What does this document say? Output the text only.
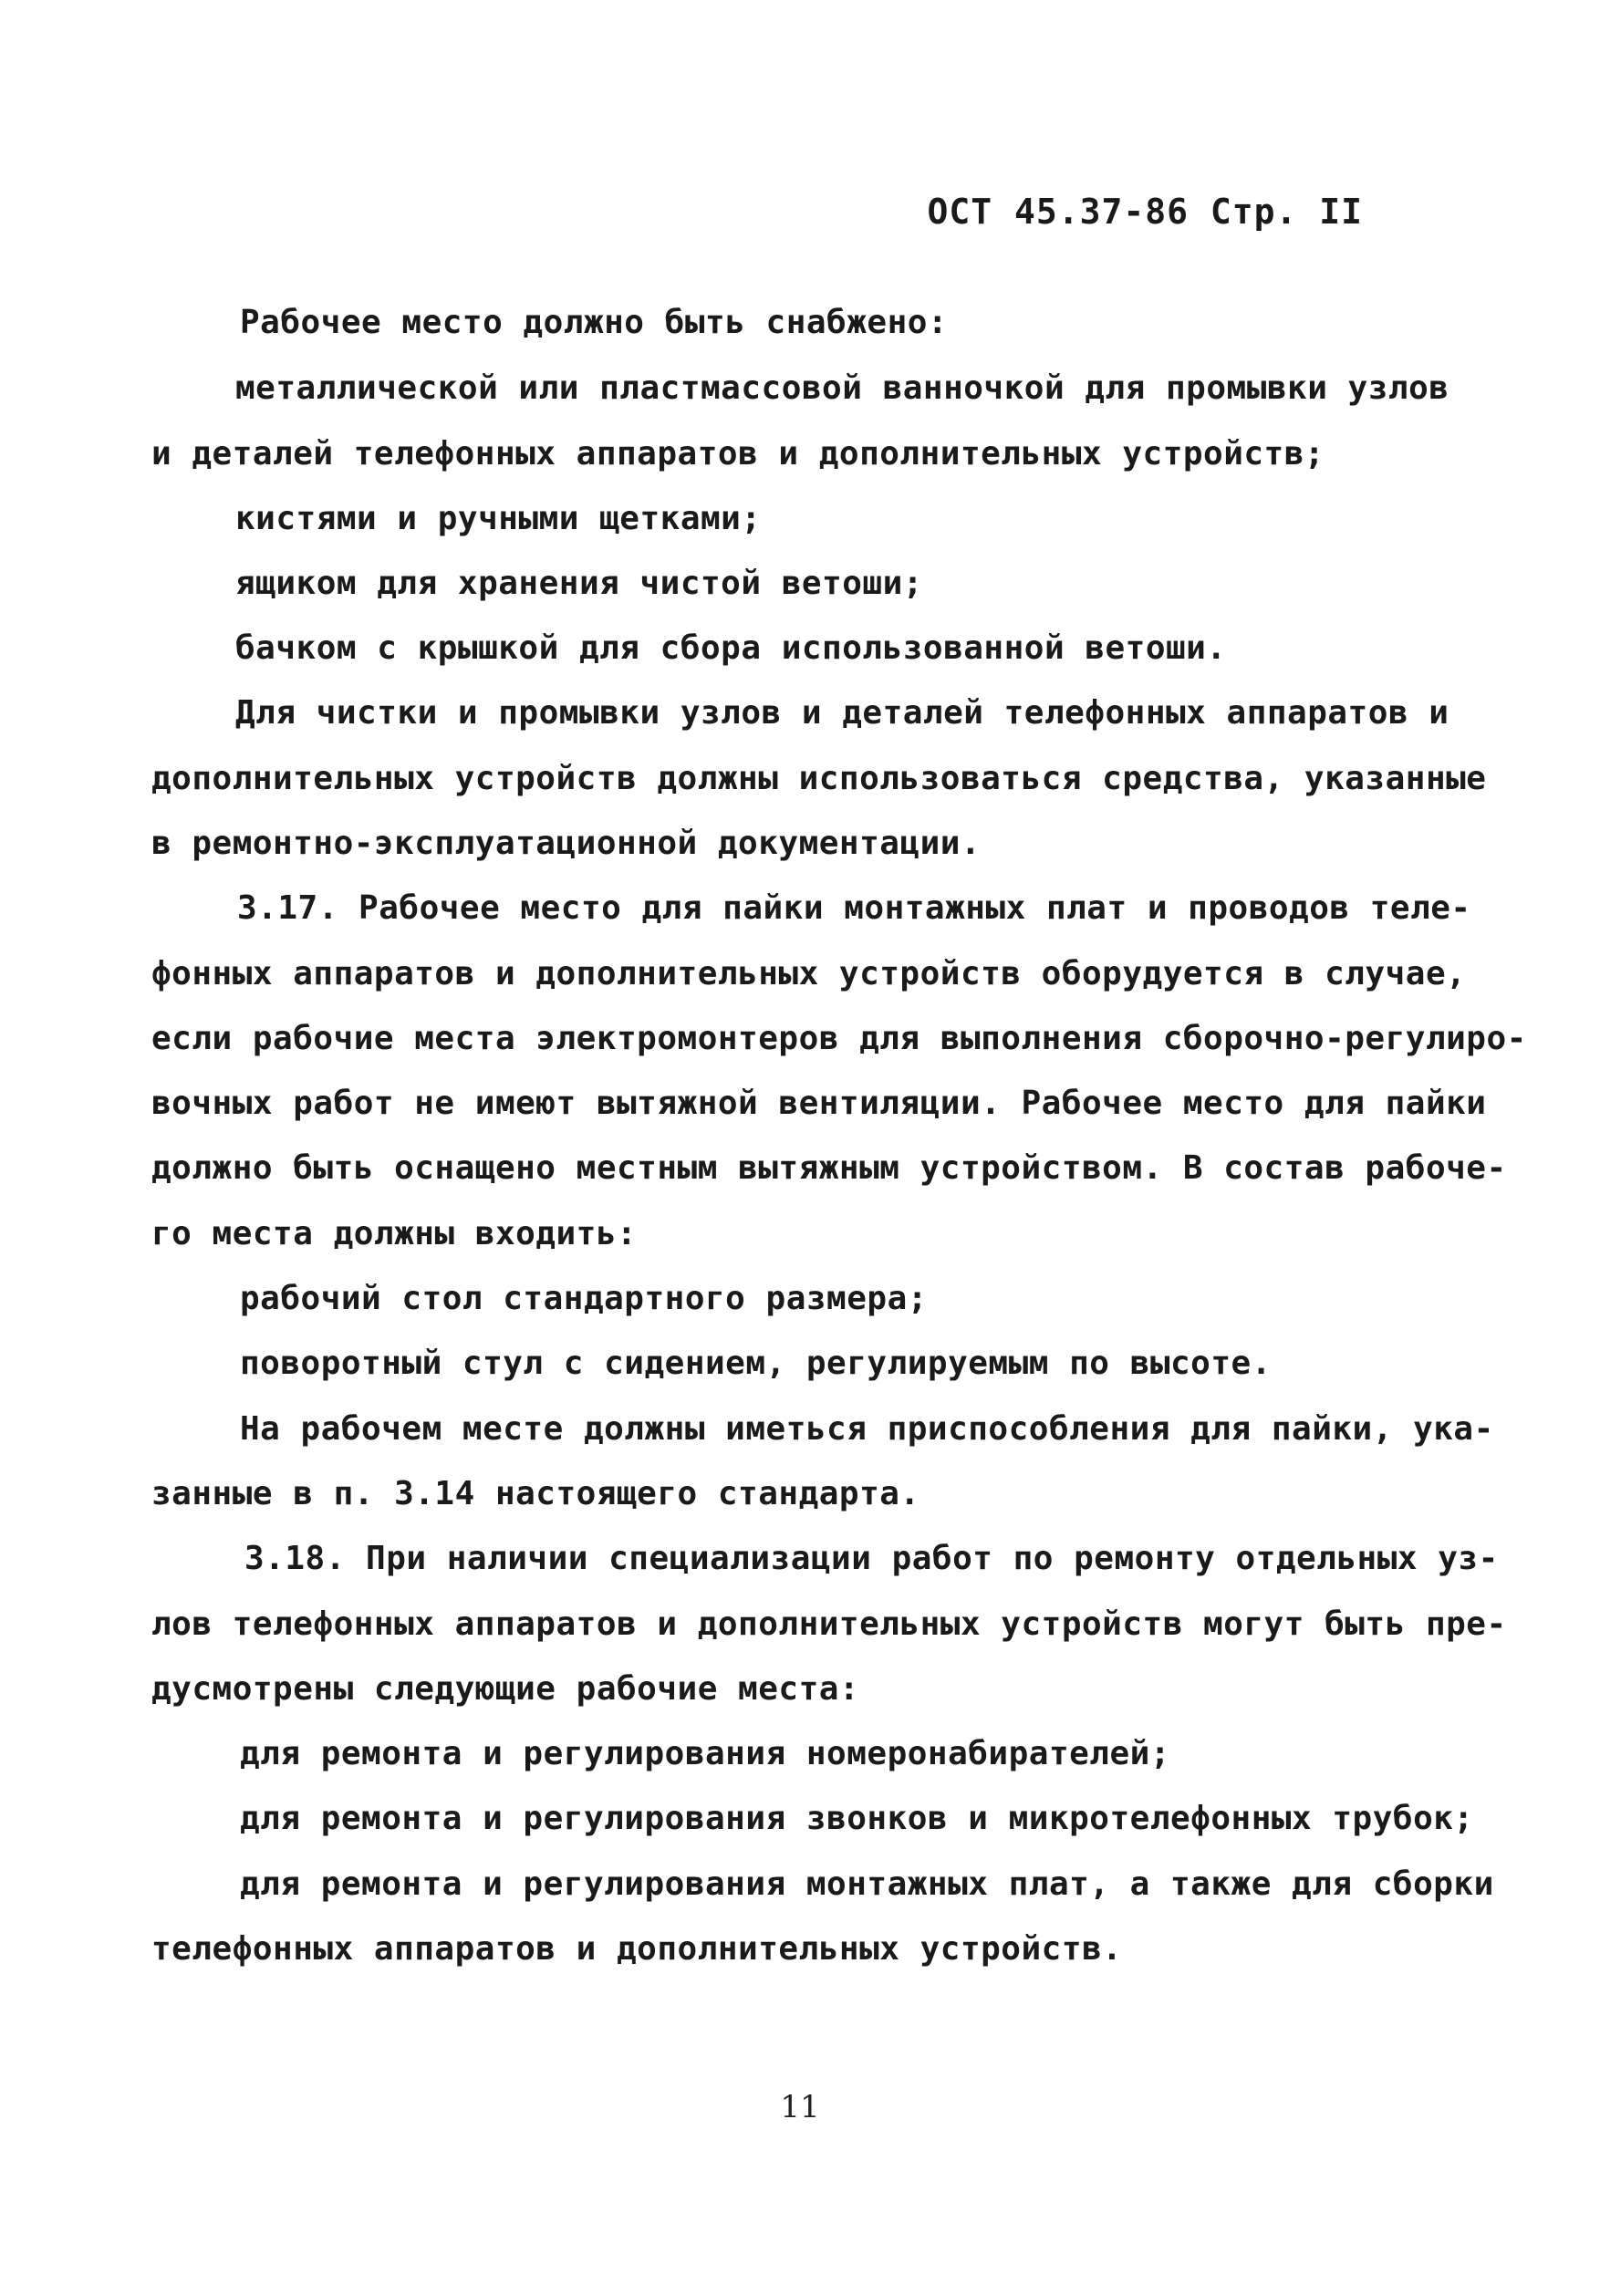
ОСТ 45.37-86 Стр. II
Рабочее место должно быть снабжено:
металлической или пластмассовой ванночкой для промывки узлов
и деталей телефонных аппаратов и дополнительных устройств;
кистями и ручными щетками;
ящиком для хранения чистой ветоши;
бачком с крышкой для сбора использованной ветоши.
Для чистки и промывки узлов и деталей телефонных аппаратов и
дополнительных устройств должны использоваться средства, указанные
в ремонтно-эксплуатационной документации.
3.17. Рабочее место для пайки монтажных плат и проводов теле-
фонных аппаратов и дополнительных устройств оборудуется в случае,
если рабочие места электромонтеров для выполнения сборочно-регулиро-
вочных работ не имеют вытяжной вентиляции. Рабочее место для пайки
должно быть оснащено местным вытяжным устройством. В состав рабоче-
го места должны входить:
рабочий стол стандартного размера;
поворотный стул с сидением, регулируемым по высоте.
На рабочем месте должны иметься приспособления для пайки, ука-
занные в п. 3.14 настоящего стандарта.
3.18. При наличии специализации работ по ремонту отдельных уз-
лов телефонных аппаратов и дополнительных устройств могут быть пре-
дусмотрены следующие рабочие места:
для ремонта и регулирования номеронабирателей;
для ремонта и регулирования звонков и микротелефонных трубок;
для ремонта и регулирования монтажных плат, а также для сборки
телефонных аппаратов и дополнительных устройств.
11
